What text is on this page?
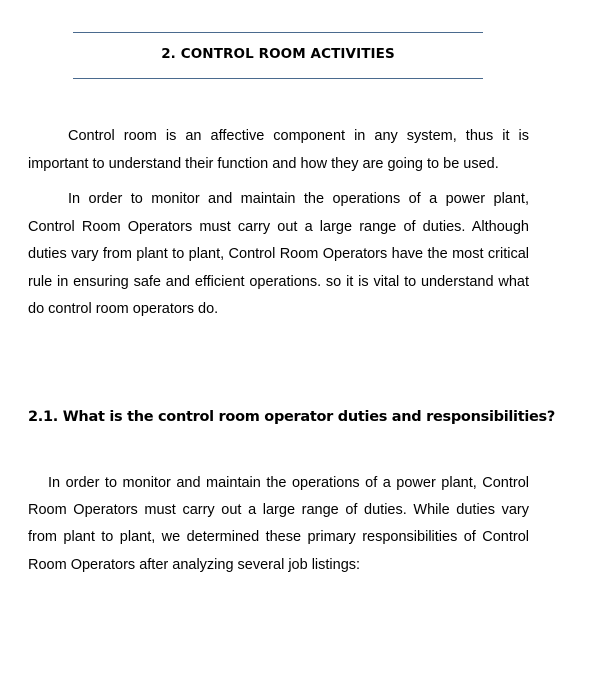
2. CONTROL ROOM ACTIVITIES

Control room is an affective component in any system, thus it is important to understand their function and how they are going to be used.

In order to monitor and maintain the operations of a power plant, Control Room Operators must carry out a large range of duties. Although duties vary from plant to plant, Control Room Operators have the most critical rule in ensuring safe and efficient operations. so it is vital to understand what do control room operators do.

2.1. What is the control room operator duties and responsibilities?

In order to monitor and maintain the operations of a power plant, Control Room Operators must carry out a large range of duties. While duties vary from plant to plant, we determined these primary responsibilities of Control Room Operators after analyzing several job listings:
